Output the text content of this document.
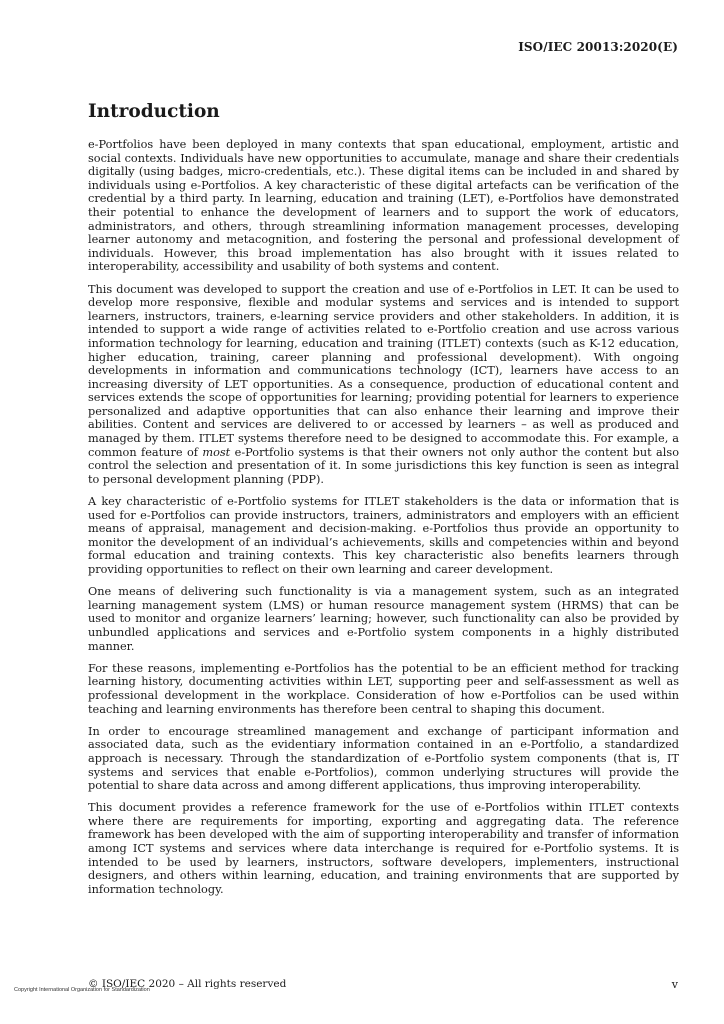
ISO/IEC 20013:2020(E)
Introduction

e-Portfolios have been deployed in many contexts that span educational, employment, artistic and social contexts. Individuals have new opportunities to accumulate, manage and share their credentials digitally (using badges, micro-credentials, etc.). These digital items can be included in and shared by individuals using e-Portfolios. A key characteristic of these digital artefacts can be verification of the credential by a third party. In learning, education and training (LET), e-Portfolios have demonstrated their potential to enhance the development of learners and to support the work of educators, administrators, and others, through streamlining information management processes, developing learner autonomy and metacognition, and fostering the personal and professional development of individuals. However, this broad implementation has also brought with it issues related to interoperability, accessibility and usability of both systems and content.

This document was developed to support the creation and use of e-Portfolios in LET. It can be used to develop more responsive, flexible and modular systems and services and is intended to support learners, instructors, trainers, e-learning service providers and other stakeholders. In addition, it is intended to support a wide range of activities related to e-Portfolio creation and use across various information technology for learning, education and training (ITLET) contexts (such as K-12 education, higher education, training, career planning and professional development). With ongoing developments in information and communications technology (ICT), learners have access to an increasing diversity of LET opportunities. As a consequence, production of educational content and services extends the scope of opportunities for learning; providing potential for learners to experience personalized and adaptive opportunities that can also enhance their learning and improve their abilities. Content and services are delivered to or accessed by learners – as well as produced and managed by them. ITLET systems therefore need to be designed to accommodate this. For example, a common feature of most e-Portfolio systems is that their owners not only author the content but also control the selection and presentation of it. In some jurisdictions this key function is seen as integral to personal development planning (PDP).

A key characteristic of e-Portfolio systems for ITLET stakeholders is the data or information that is used for e-Portfolios can provide instructors, trainers, administrators and employers with an efficient means of appraisal, management and decision-making. e-Portfolios thus provide an opportunity to monitor the development of an individual’s achievements, skills and competencies within and beyond formal education and training contexts. This key characteristic also benefits learners through providing opportunities to reflect on their own learning and career development.

One means of delivering such functionality is via a management system, such as an integrated learning management system (LMS) or human resource management system (HRMS) that can be used to monitor and organize learners’ learning; however, such functionality can also be provided by unbundled applications and services and e-Portfolio system components in a highly distributed manner.

For these reasons, implementing e-Portfolios has the potential to be an efficient method for tracking learning history, documenting activities within LET, supporting peer and self-assessment as well as professional development in the workplace. Consideration of how e-Portfolios can be used within teaching and learning environments has therefore been central to shaping this document.

In order to encourage streamlined management and exchange of participant information and associated data, such as the evidentiary information contained in an e-Portfolio, a standardized approach is necessary. Through the standardization of e-Portfolio system components (that is, IT systems and services that enable e-Portfolios), common underlying structures will provide the potential to share data across and among different applications, thus improving interoperability.

This document provides a reference framework for the use of e-Portfolios within ITLET contexts where there are requirements for importing, exporting and aggregating data. The reference framework has been developed with the aim of supporting interoperability and transfer of information among ICT systems and services where data interchange is required for e-Portfolio systems. It is intended to be used by learners, instructors, software developers, implementers, instructional designers, and others within learning, education, and training environments that are supported by information technology.

© ISO/IEC 2020 – All rights reserved	v
Copyright International Organization for Standardization
